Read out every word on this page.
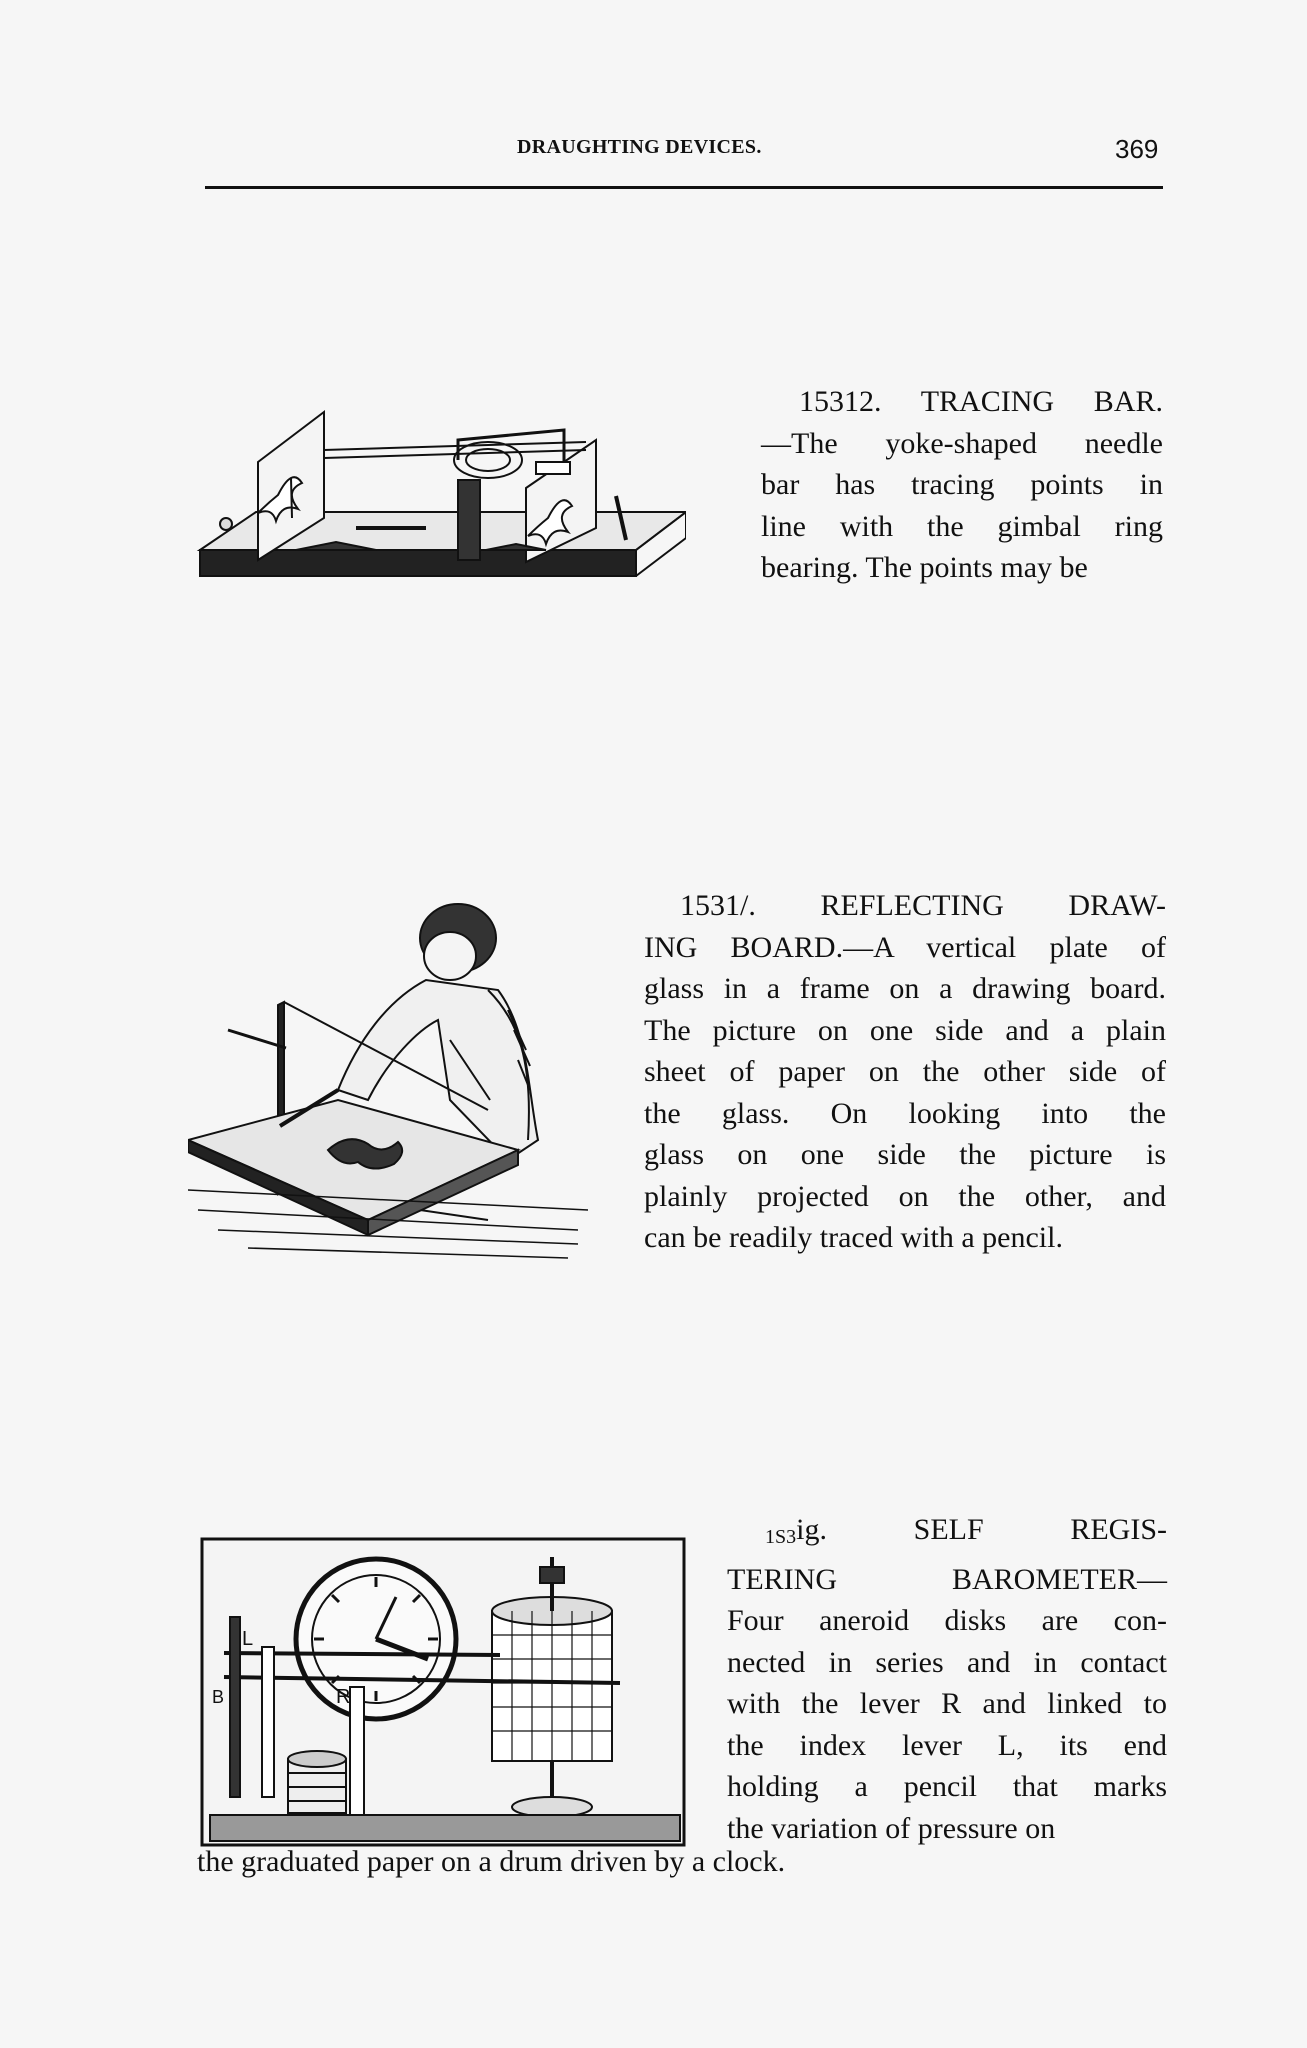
DRAUGHTING DEVICES.	369
15312. TRACING BAR.
—The yoke-shaped needle
bar has tracing points in
line with the gimbal ring
bearing. The points may be
1531/. REFLECTING DRAW-
ING BOARD.—A vertical plate of
glass in a frame on a drawing board.
The picture on one side and a plain
sheet of paper on the other side of
the glass. On looking into the
glass on one side the picture is
plainly projected on the other, and
can be readily traced with a pencil.
L
R
B
$_{1S3}$ig.	SELF	REGIS-
TERING BAROMETER—
Four aneroid disks are con-
nected in series and in contact
with the lever R and linked to
the index lever L, its end
holding a pencil that marks
the variation of pressure on
the graduated paper on a drum driven by a clock.
